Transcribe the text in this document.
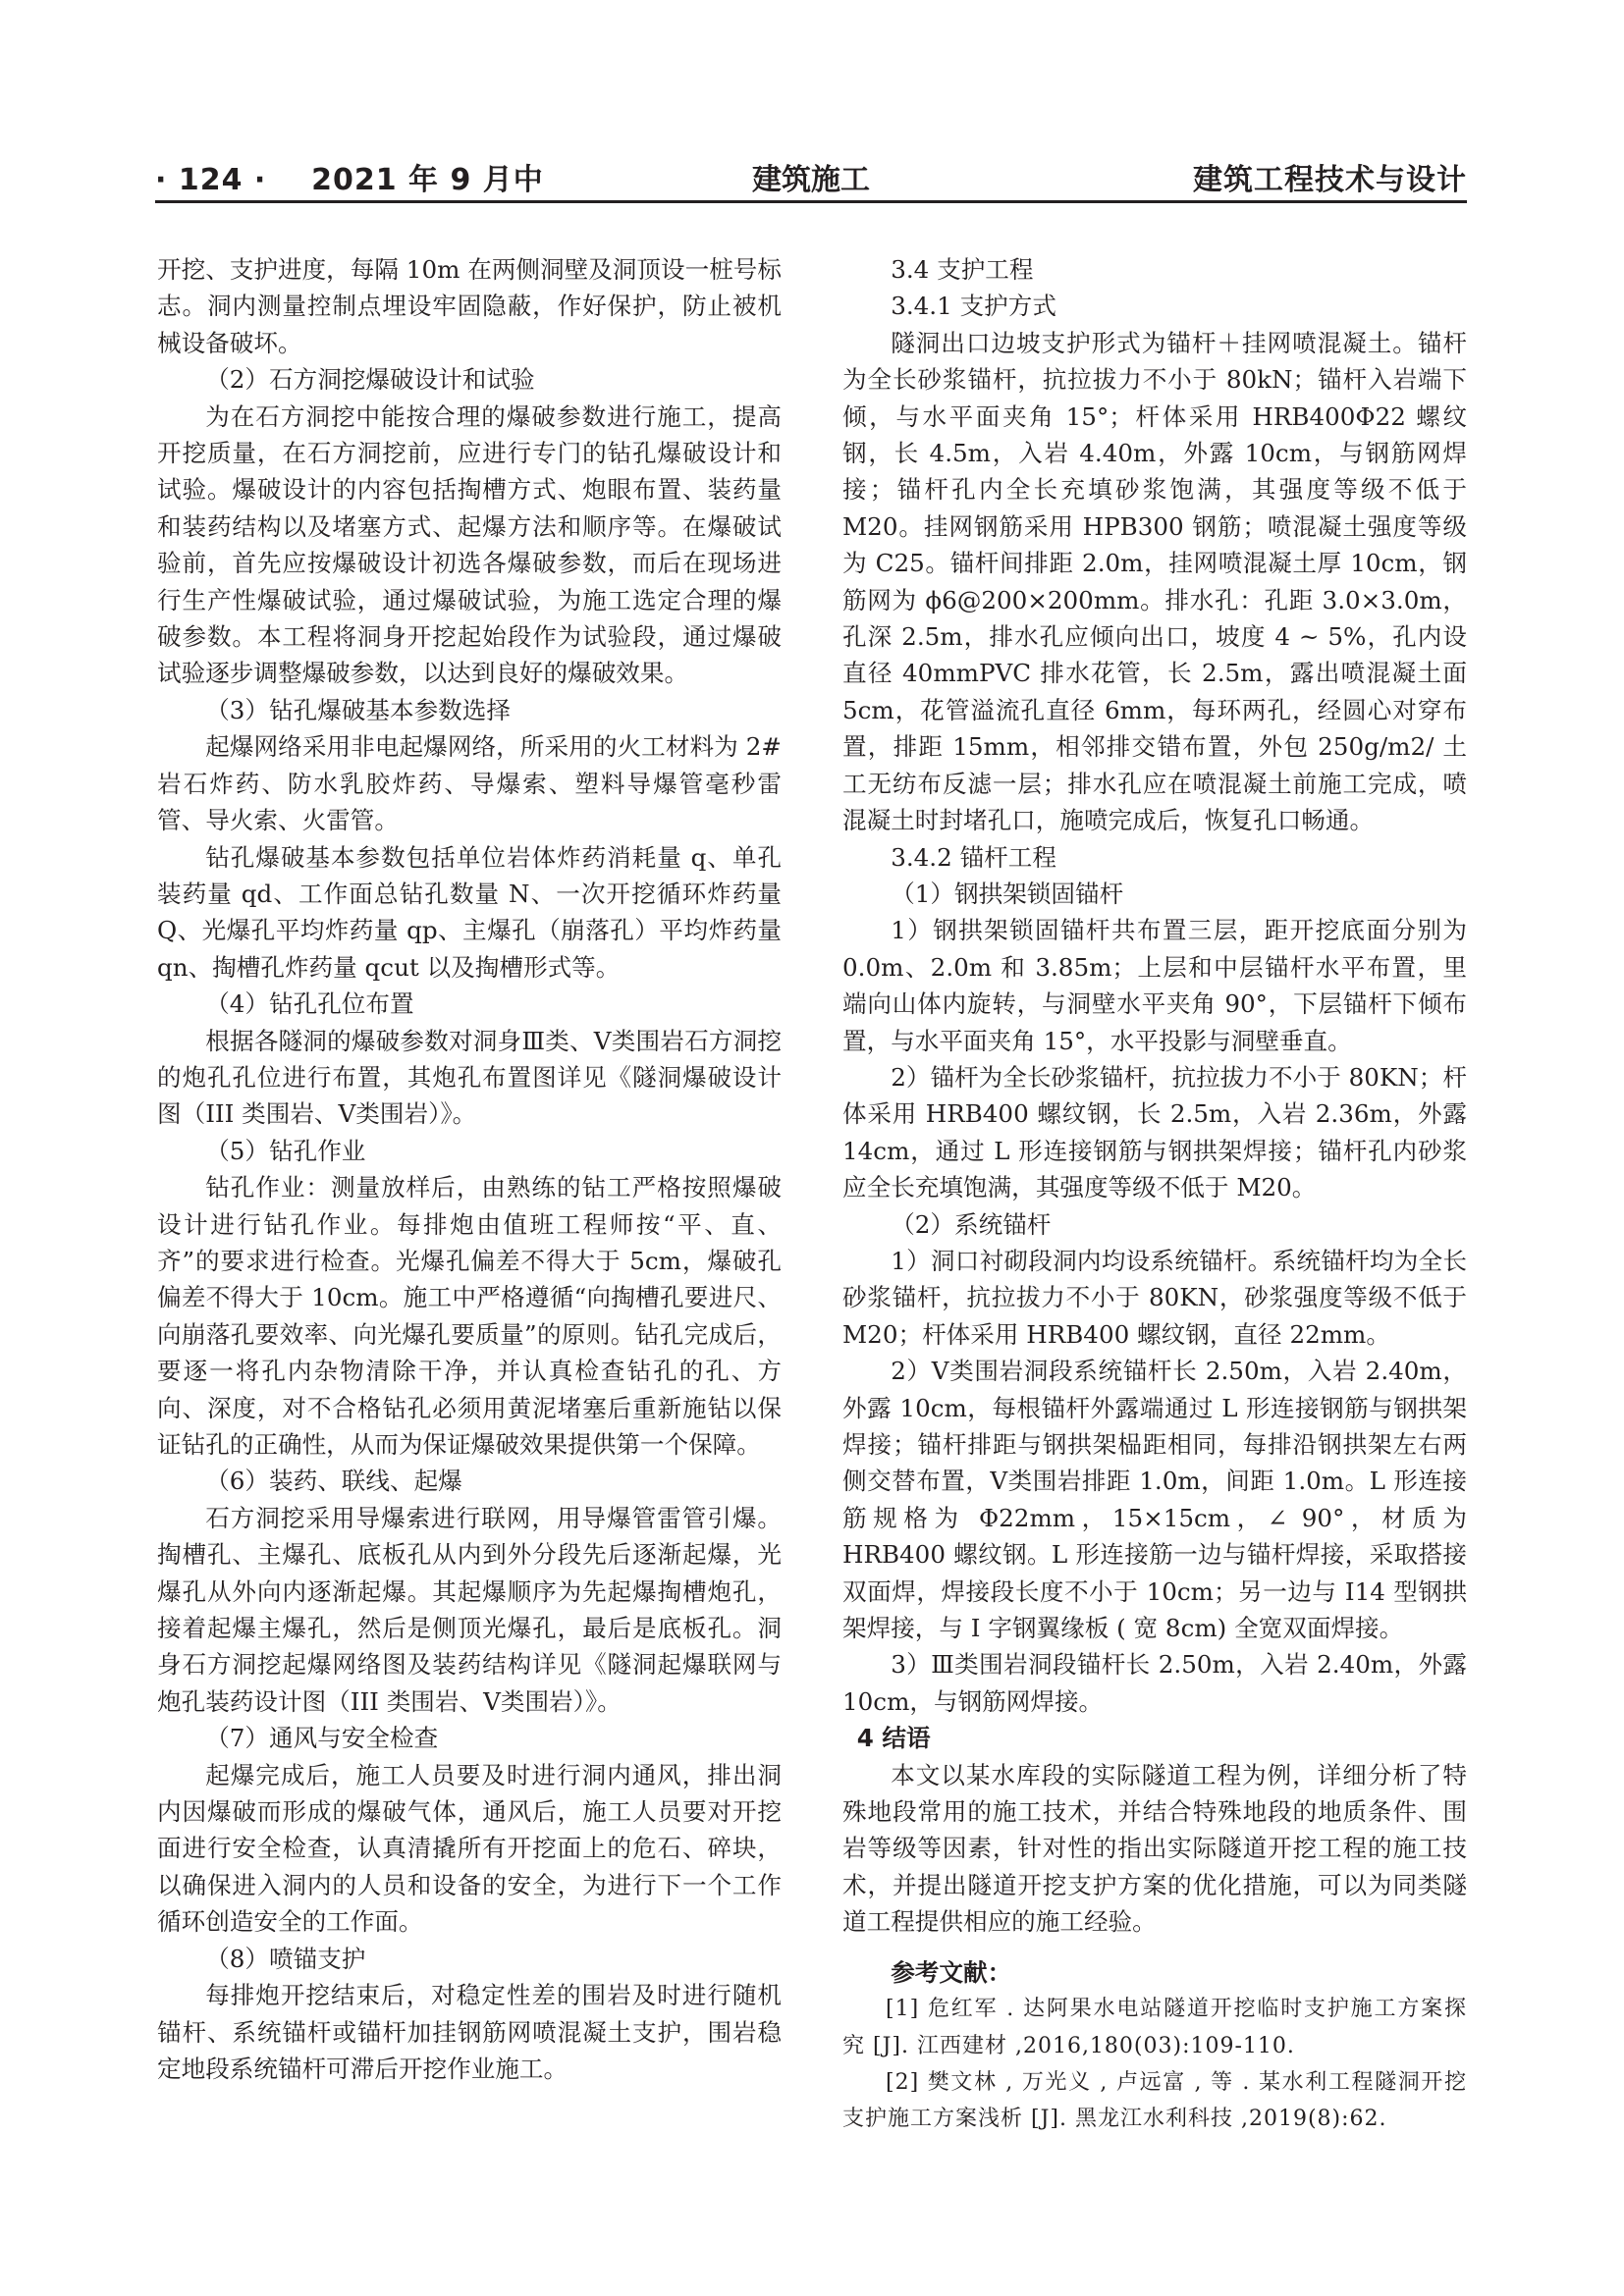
· 124 · 2021 年 9 月中	建筑施工	建筑工程技术与设计

开挖、支护进度，每隔 10m 在两侧洞壁及洞顶设一桩号标志。洞内测量控制点埋设牢固隐蔽，作好保护，防止被机械设备破坏。

（2）石方洞挖爆破设计和试验

为在石方洞挖中能按合理的爆破参数进行施工，提高开挖质量，在石方洞挖前，应进行专门的钻孔爆破设计和试验。爆破设计的内容包括掏槽方式、炮眼布置、装药量和装药结构以及堵塞方式、起爆方法和顺序等。在爆破试验前，首先应按爆破设计初选各爆破参数，而后在现场进行生产性爆破试验，通过爆破试验，为施工选定合理的爆破参数。本工程将洞身开挖起始段作为试验段，通过爆破试验逐步调整爆破参数，以达到良好的爆破效果。

（3）钻孔爆破基本参数选择

起爆网络采用非电起爆网络，所采用的火工材料为 2# 岩石炸药、防水乳胶炸药、导爆索、塑料导爆管毫秒雷管、导火索、火雷管。

钻孔爆破基本参数包括单位岩体炸药消耗量 q、单孔装药量 qd、工作面总钻孔数量 N、一次开挖循环炸药量 Q、光爆孔平均炸药量 qp、主爆孔（崩落孔）平均炸药量 qn、掏槽孔炸药量 qcut 以及掏槽形式等。

（4）钻孔孔位布置

根据各隧洞的爆破参数对洞身Ⅲ类、Ⅴ类围岩石方洞挖的炮孔孔位进行布置，其炮孔布置图详见《隧洞爆破设计图（III 类围岩、Ⅴ类围岩）》。

（5）钻孔作业

钻孔作业：测量放样后，由熟练的钻工严格按照爆破设计进行钻孔作业。每排炮由值班工程师按“平、直、齐”的要求进行检查。光爆孔偏差不得大于 5cm，爆破孔偏差不得大于 10cm。施工中严格遵循“向掏槽孔要进尺、向崩落孔要效率、向光爆孔要质量”的原则。钻孔完成后，要逐一将孔内杂物清除干净，并认真检查钻孔的孔、方向、深度，对不合格钻孔必须用黄泥堵塞后重新施钻以保证钻孔的正确性，从而为保证爆破效果提供第一个保障。

（6）装药、联线、起爆

石方洞挖采用导爆索进行联网，用导爆管雷管引爆。掏槽孔、主爆孔、底板孔从内到外分段先后逐渐起爆，光爆孔从外向内逐渐起爆。其起爆顺序为先起爆掏槽炮孔，接着起爆主爆孔，然后是侧顶光爆孔，最后是底板孔。洞身石方洞挖起爆网络图及装药结构详见《隧洞起爆联网与炮孔装药设计图（III 类围岩、Ⅴ类围岩）》。

（7）通风与安全检查

起爆完成后，施工人员要及时进行洞内通风，排出洞内因爆破而形成的爆破气体，通风后，施工人员要对开挖面进行安全检查，认真清撬所有开挖面上的危石、碎块，以确保进入洞内的人员和设备的安全，为进行下一个工作循环创造安全的工作面。

（8）喷锚支护

每排炮开挖结束后，对稳定性差的围岩及时进行随机锚杆、系统锚杆或锚杆加挂钢筋网喷混凝土支护，围岩稳定地段系统锚杆可滞后开挖作业施工。

3.4 支护工程

3.4.1 支护方式

隧洞出口边坡支护形式为锚杆＋挂网喷混凝土。锚杆为全长砂浆锚杆，抗拉拔力不小于 80kN；锚杆入岩端下倾，与水平面夹角 15°；杆体采用 HRB400Φ22 螺纹钢，长 4.5m，入岩 4.40m，外露 10cm，与钢筋网焊接；锚杆孔内全长充填砂浆饱满，其强度等级不低于 M20。挂网钢筋采用 HPB300 钢筋；喷混凝土强度等级为 C25。锚杆间排距 2.0m，挂网喷混凝土厚 10cm，钢筋网为 ϕ6@200×200mm。排水孔：孔距 3.0×3.0m，孔深 2.5m，排水孔应倾向出口，坡度 4 ~ 5%，孔内设直径 40mmPVC 排水花管，长 2.5m，露出喷混凝土面 5cm，花管溢流孔直径 6mm，每环两孔，经圆心对穿布置，排距 15mm，相邻排交错布置，外包 250g/m2/ 土工无纺布反滤一层；排水孔应在喷混凝土前施工完成，喷混凝土时封堵孔口，施喷完成后，恢复孔口畅通。

3.4.2 锚杆工程

（1）钢拱架锁固锚杆

1）钢拱架锁固锚杆共布置三层，距开挖底面分别为 0.0m、2.0m 和 3.85m；上层和中层锚杆水平布置，里端向山体内旋转，与洞壁水平夹角 90°，下层锚杆下倾布置，与水平面夹角 15°，水平投影与洞壁垂直。

2）锚杆为全长砂浆锚杆，抗拉拔力不小于 80KN；杆体采用 HRB400 螺纹钢，长 2.5m，入岩 2.36m，外露 14cm，通过 L 形连接钢筋与钢拱架焊接；锚杆孔内砂浆应全长充填饱满，其强度等级不低于 M20。

（2）系统锚杆

1）洞口衬砌段洞内均设系统锚杆。系统锚杆均为全长砂浆锚杆，抗拉拔力不小于 80KN，砂浆强度等级不低于 M20；杆体采用 HRB400 螺纹钢，直径 22mm。

2）Ⅴ类围岩洞段系统锚杆长 2.50m，入岩 2.40m，外露 10cm，每根锚杆外露端通过 L 形连接钢筋与钢拱架焊接；锚杆排距与钢拱架榀距相同，每排沿钢拱架左右两侧交替布置，Ⅴ类围岩排距 1.0m，间距 1.0m。L 形连接筋规格为 Φ22mm，15×15cm，∠ 90°，材质为 HRB400 螺纹钢。L 形连接筋一边与锚杆焊接，采取搭接双面焊，焊接段长度不小于 10cm；另一边与 I14 型钢拱架焊接，与 I 字钢翼缘板 ( 宽 8cm) 全宽双面焊接。

3）Ⅲ类围岩洞段锚杆长 2.50m，入岩 2.40m，外露 10cm，与钢筋网焊接。

4 结语

本文以某水库段的实际隧道工程为例，详细分析了特殊地段常用的施工技术，并结合特殊地段的地质条件、围岩等级等因素，针对性的指出实际隧道开挖工程的施工技术，并提出隧道开挖支护方案的优化措施，可以为同类隧道工程提供相应的施工经验。

参考文献：

[1] 危红军 . 达阿果水电站隧道开挖临时支护施工方案探究 [J]. 江西建材 ,2016,180(03):109-110.

[2] 樊文林 , 万光义 , 卢远富 , 等 . 某水利工程隧洞开挖支护施工方案浅析 [J]. 黑龙江水利科技 ,2019(8):62.
